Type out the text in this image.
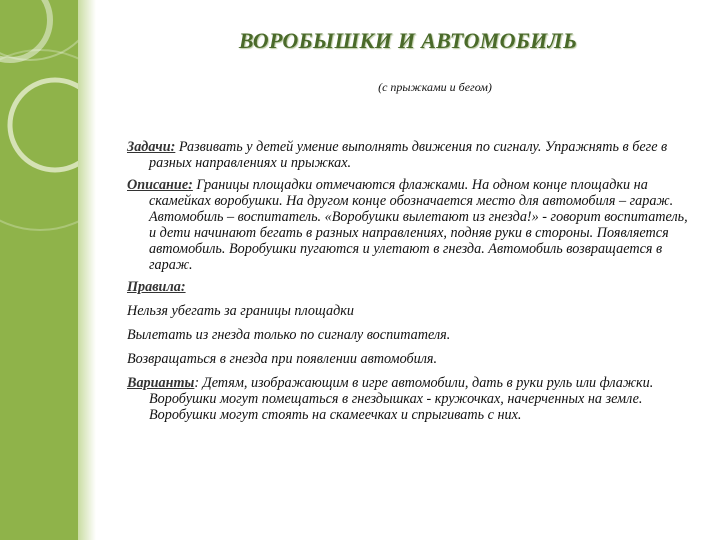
ВОРОБЫШКИ И АВТОМОБИЛЬ
(с прыжками и бегом)

Задачи: Развивать у детей умение выполнять движения по сигналу. Упражнять в беге в разных направлениях и прыжках.

Описание: Границы площадки отмечаются флажками. На одном конце площадки на скамейках воробушки. На другом конце обозначается место для автомобиля – гараж. Автомобиль – воспитатель. «Воробушки вылетают из гнезда!» - говорит воспитатель, и дети начинают бегать в разных направлениях, подняв руки в стороны. Появляется автомобиль. Воробушки пугаются и улетают в гнезда. Автомобиль возвращается в гараж.

Правила:

Нельзя убегать за границы площадки

Вылетать из гнезда только по сигналу воспитателя.

Возвращаться в гнезда при появлении автомобиля.

Варианты: Детям, изображающим в игре автомобили, дать в руки руль или флажки. Воробушки могут помещаться в гнездышках - кружочках, начерченных на земле. Воробушки могут стоять на скамеечках и спрыгивать с них.
